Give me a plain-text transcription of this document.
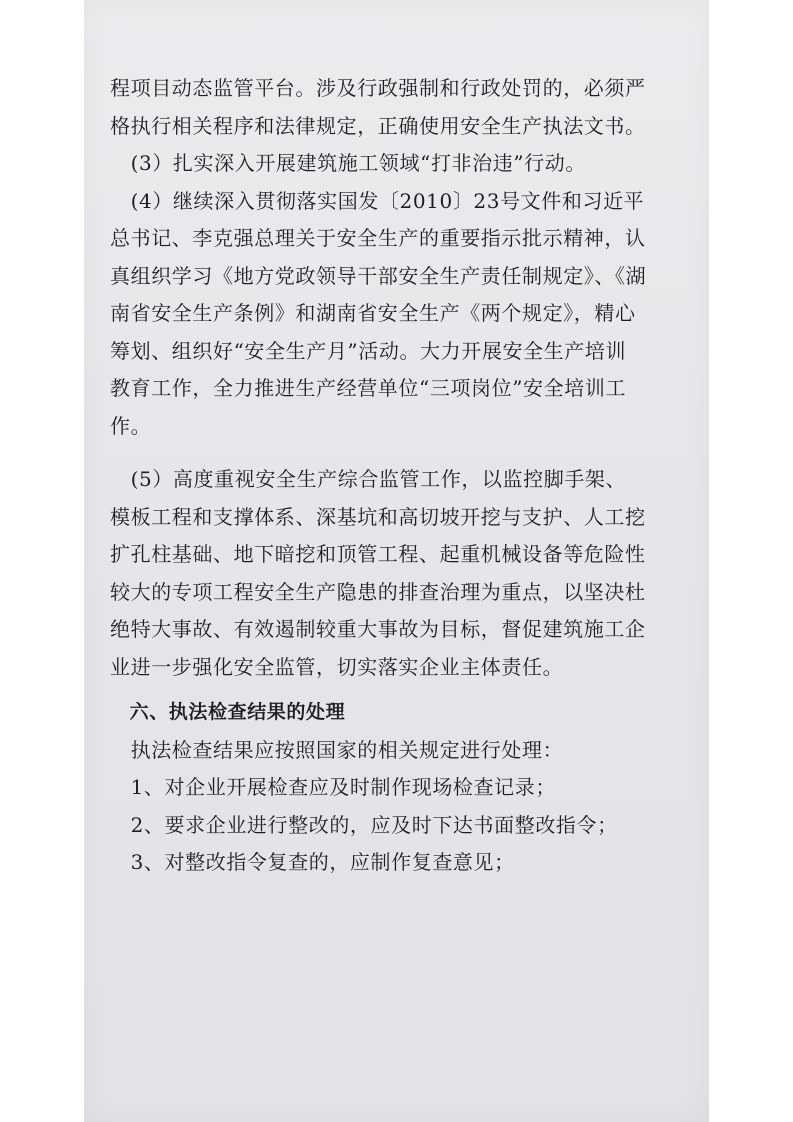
程项目动态监管平台。涉及行政强制和行政处罚的，必须严
格执行相关程序和法律规定，正确使用安全生产执法文书。
　(3）扎实深入开展建筑施工领域“打非治违”行动。
　(4）继续深入贯彻落实国发〔2010〕23号文件和习近平
总书记、李克强总理关于安全生产的重要指示批示精神，认
真组织学习《地方党政领导干部安全生产责任制规定》、《湖
南省安全生产条例》和湖南省安全生产《两个规定》，精心
筹划、组织好“安全生产月”活动。大力开展安全生产培训
教育工作，全力推进生产经营单位“三项岗位”安全培训工
作。
　(5）高度重视安全生产综合监管工作，以监控脚手架、
模板工程和支撑体系、深基坑和高切坡开挖与支护、人工挖
扩孔柱基础、地下暗挖和顶管工程、起重机械设备等危险性
较大的专项工程安全生产隐患的排查治理为重点，以坚决杜
绝特大事故、有效遏制较重大事故为目标，督促建筑施工企
业进一步强化安全监管，切实落实企业主体责任。
　六、执法检查结果的处理
　执法检查结果应按照国家的相关规定进行处理：
　1、对企业开展检查应及时制作现场检查记录；
　2、要求企业进行整改的，应及时下达书面整改指令；
　3、对整改指令复查的，应制作复查意见；
